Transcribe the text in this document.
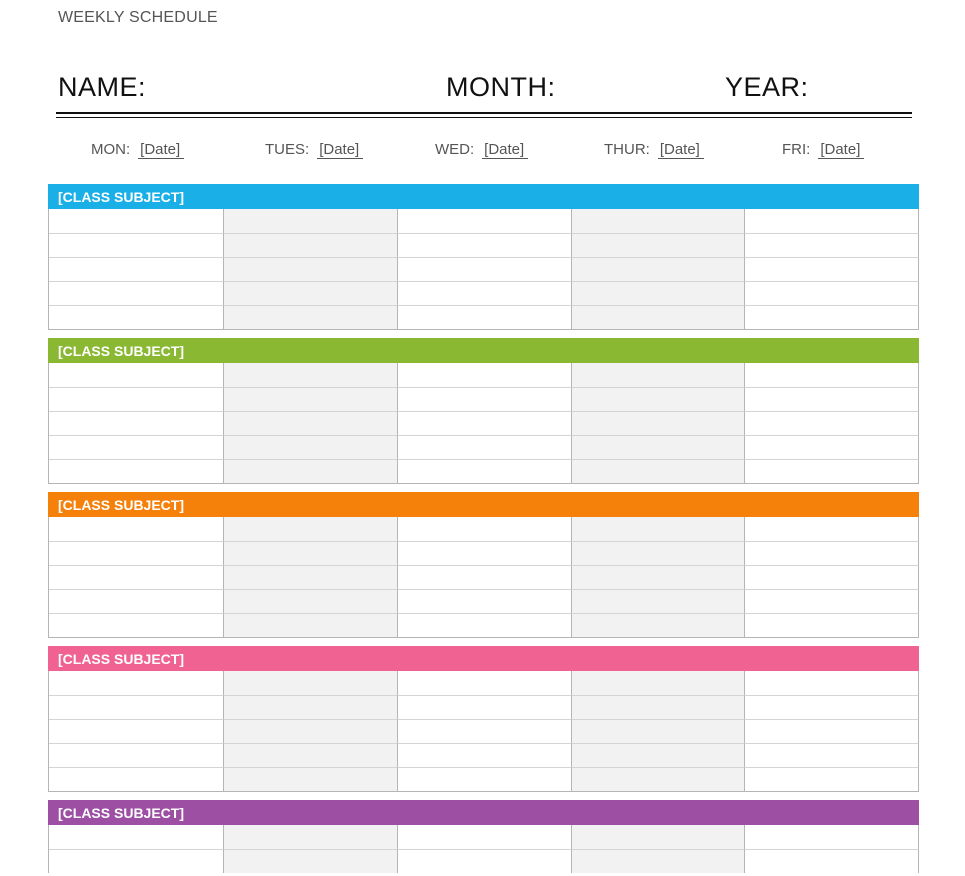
WEEKLY SCHEDULE
NAME:	MONTH:	YEAR:
MON: [Date]	TUES: [Date]	WED: [Date]	THUR: [Date]	FRI: [Date]
[CLASS SUBJECT]
[CLASS SUBJECT]
[CLASS SUBJECT]
[CLASS SUBJECT]
[CLASS SUBJECT]
